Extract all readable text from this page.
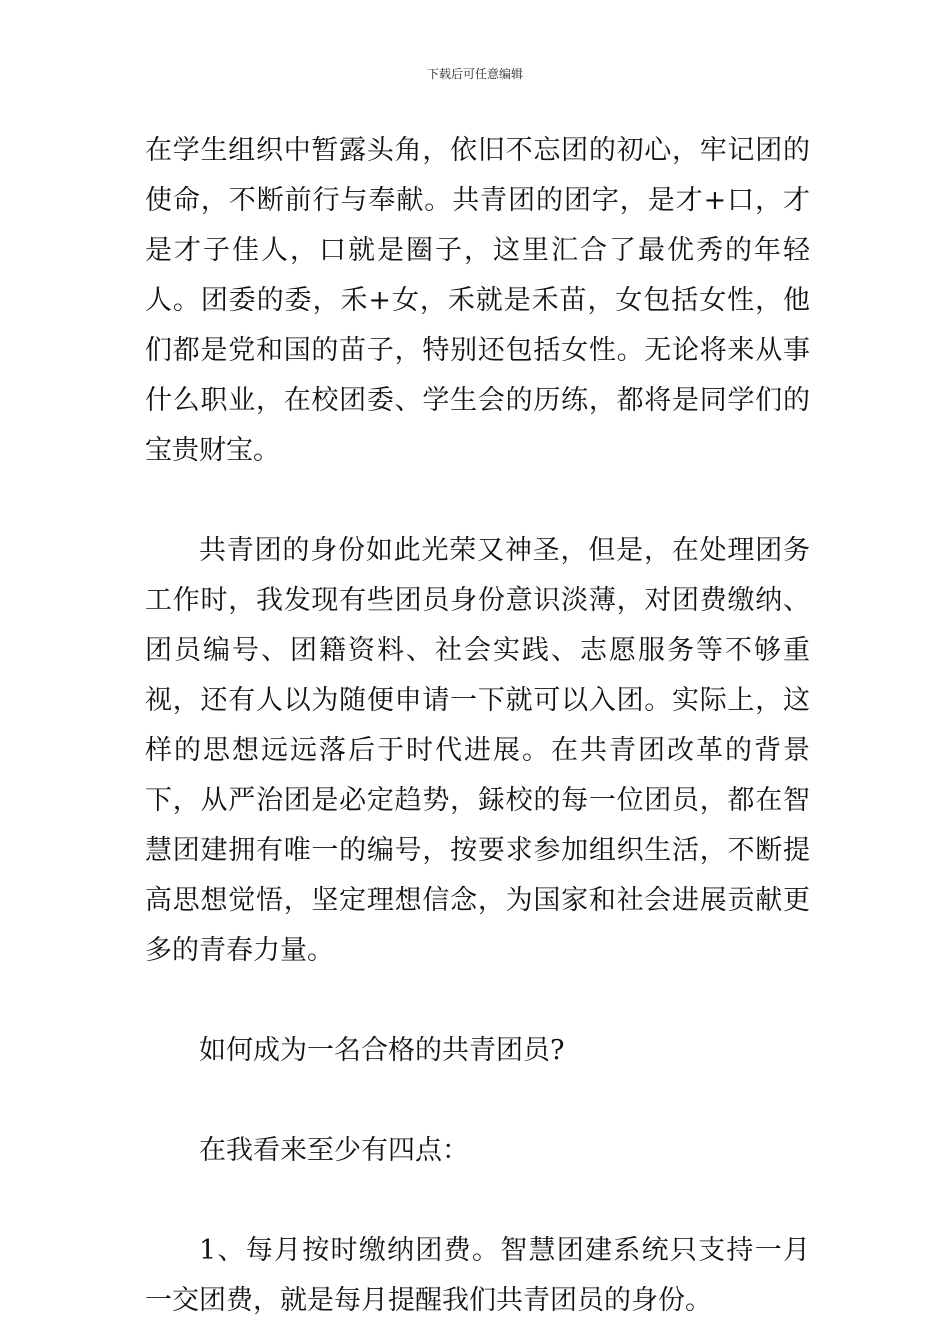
下载后可任意编辑

在学生组织中暂露头角，依旧不忘团的初心，牢记团的使命，不断前行与奉献。共青团的团字，是才+口，才是才子佳人，口就是圈子，这里汇合了最优秀的年轻人。团委的委，禾+女，禾就是禾苗，女包括女性，他们都是党和国的苗子，特别还包括女性。无论将来从事什么职业，在校团委、学生会的历练，都将是同学们的宝贵财宝。

共青团的身份如此光荣又神圣，但是，在处理团务工作时，我发现有些团员身份意识淡薄，对团费缴纳、团员编号、团籍资料、社会实践、志愿服务等不够重视，还有人以为随便申请一下就可以入团。实际上，这样的思想远远落后于时代进展。在共青团改革的背景下，从严治团是必定趋势，銾校的每一位团员，都在智慧团建拥有唯一的编号，按要求参加组织生活，不断提高思想觉悟，坚定理想信念，为国家和社会进展贡献更多的青春力量。

如何成为一名合格的共青团员?

在我看来至少有四点：

1、每月按时缴纳团费。智慧团建系统只支持一月一交团费，就是每月提醒我们共青团员的身份。
